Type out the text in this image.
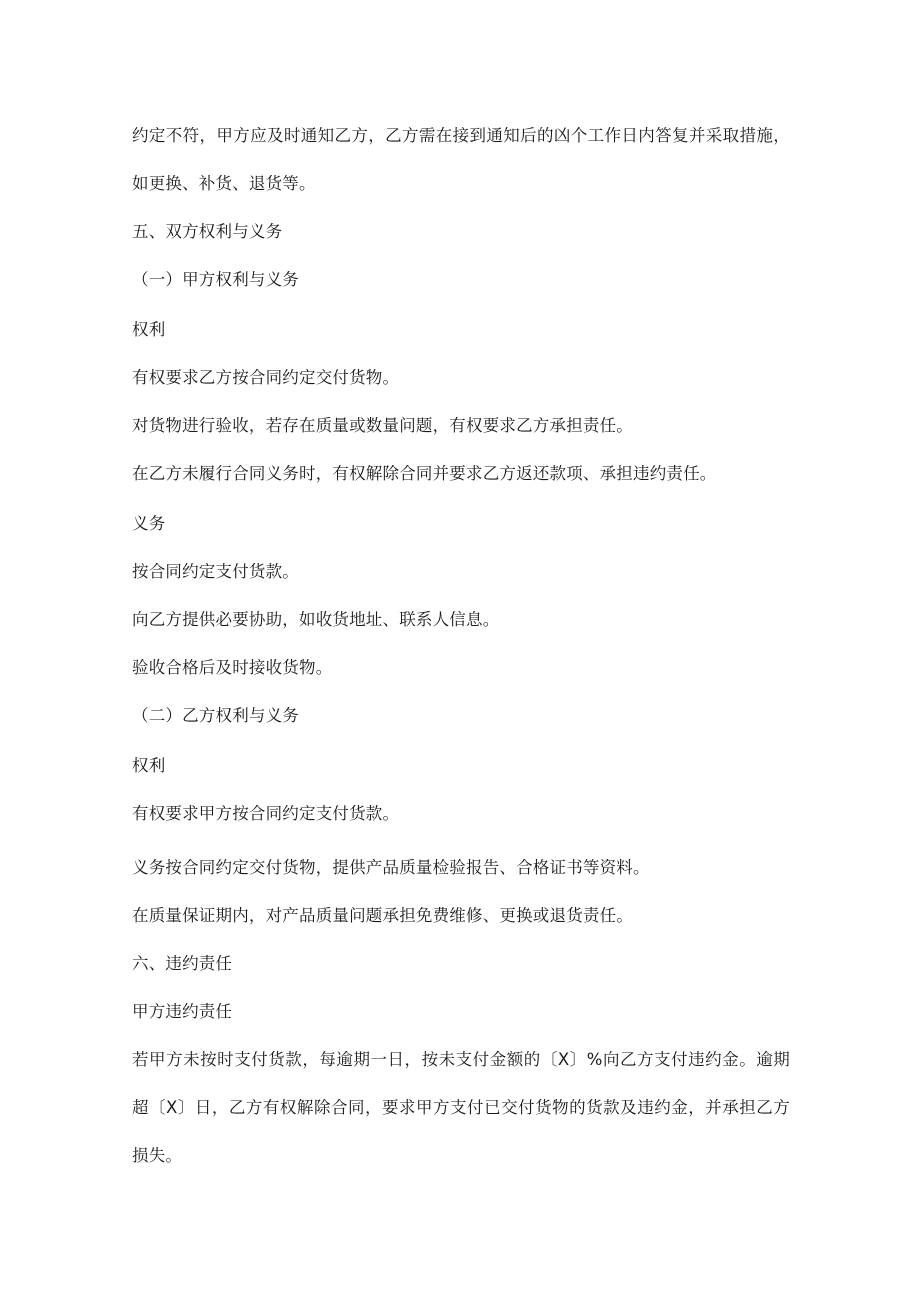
约定不符，甲方应及时通知乙方，乙方需在接到通知后的凶个工作日内答复并采取措施，
如更换、补货、退货等。
五、双方权利与义务
（一）甲方权利与义务
权利
有权要求乙方按合同约定交付货物。
对货物进行验收，若存在质量或数量问题，有权要求乙方承担责任。
在乙方未履行合同义务时，有权解除合同并要求乙方返还款项、承担违约责任。
义务
按合同约定支付货款。
向乙方提供必要协助，如收货地址、联系人信息。
验收合格后及时接收货物。
（二）乙方权利与义务
权利
有权要求甲方按合同约定支付货款。
义务按合同约定交付货物，提供产品质量检验报告、合格证书等资料。
在质量保证期内，对产品质量问题承担免费维修、更换或退货责任。
六、违约责任
甲方违约责任
若甲方未按时支付货款，每逾期一日，按未支付金额的〔X〕%向乙方支付违约金。逾期
超〔X〕日，乙方有权解除合同，要求甲方支付已交付货物的货款及违约金，并承担乙方
损失。
